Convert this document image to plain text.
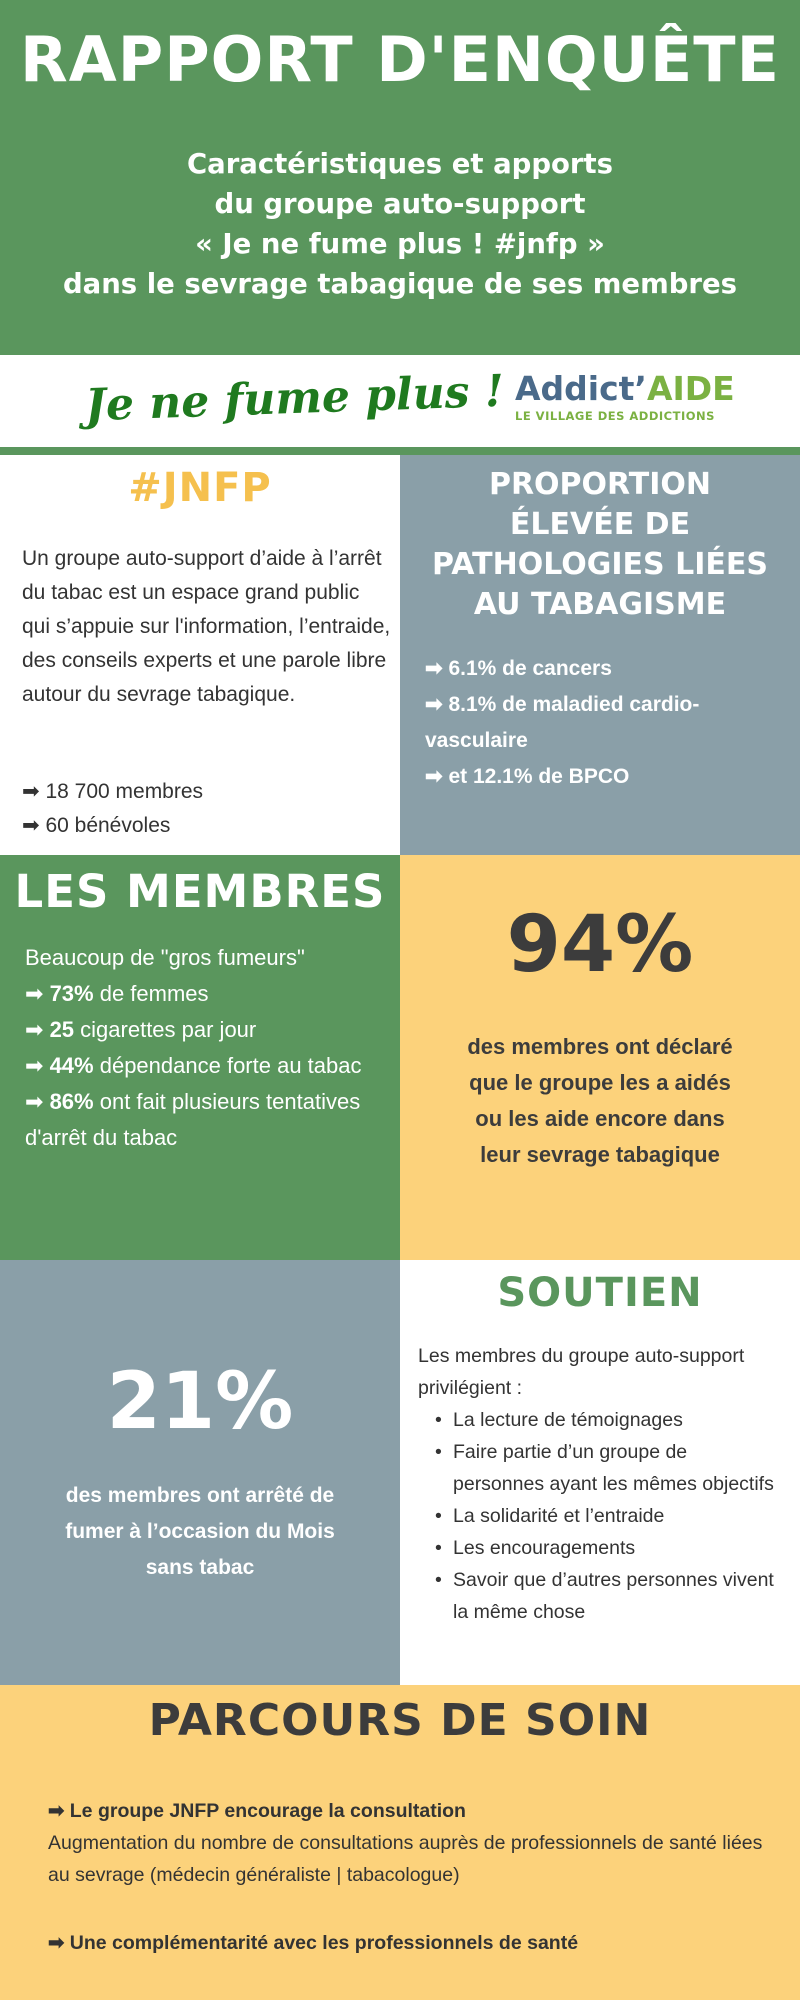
RAPPORT D'ENQUÊTE
Caractéristiques et apports
du groupe auto-support
« Je ne fume plus ! #jnfp »
dans le sevrage tabagique de ses membres
Je ne fume plus ! Addict’AIDE
LE VILLAGE DES ADDICTIONS
#JNFP
Un groupe auto-support d’aide à l’arrêt du tabac est un espace grand public qui s’appuie sur l'information, l’entraide, des conseils experts et une parole libre autour du sevrage tabagique.
➡ 18 700 membres
➡ 60 bénévoles
PROPORTION
ÉLEVÉE DE
PATHOLOGIES LIÉES
AU TABAGISME
➡ 6.1% de cancers
➡ 8.1% de maladied cardio-vasculaire
➡ et 12.1% de BPCO
LES MEMBRES
Beaucoup de "gros fumeurs"
➡ 73% de femmes
➡ 25 cigarettes par jour
➡ 44% dépendance forte au tabac
➡ 86% ont fait plusieurs tentatives d'arrêt du tabac
94%
des membres ont déclaré
que le groupe les a aidés
ou les aide encore dans
leur sevrage tabagique
21%
des membres ont arrêté de
fumer à l’occasion du Mois
sans tabac
SOUTIEN
Les membres du groupe auto-support privilégient :
• La lecture de témoignages
• Faire partie d’un groupe de personnes ayant les mêmes objectifs
• La solidarité et l’entraide
• Les encouragements
• Savoir que d’autres personnes vivent la même chose
PARCOURS DE SOIN
➡ Le groupe JNFP encourage la consultation
Augmentation du nombre de consultations auprès de professionnels de santé liées au sevrage (médecin généraliste | tabacologue)
➡ Une complémentarité avec les professionnels de santé
